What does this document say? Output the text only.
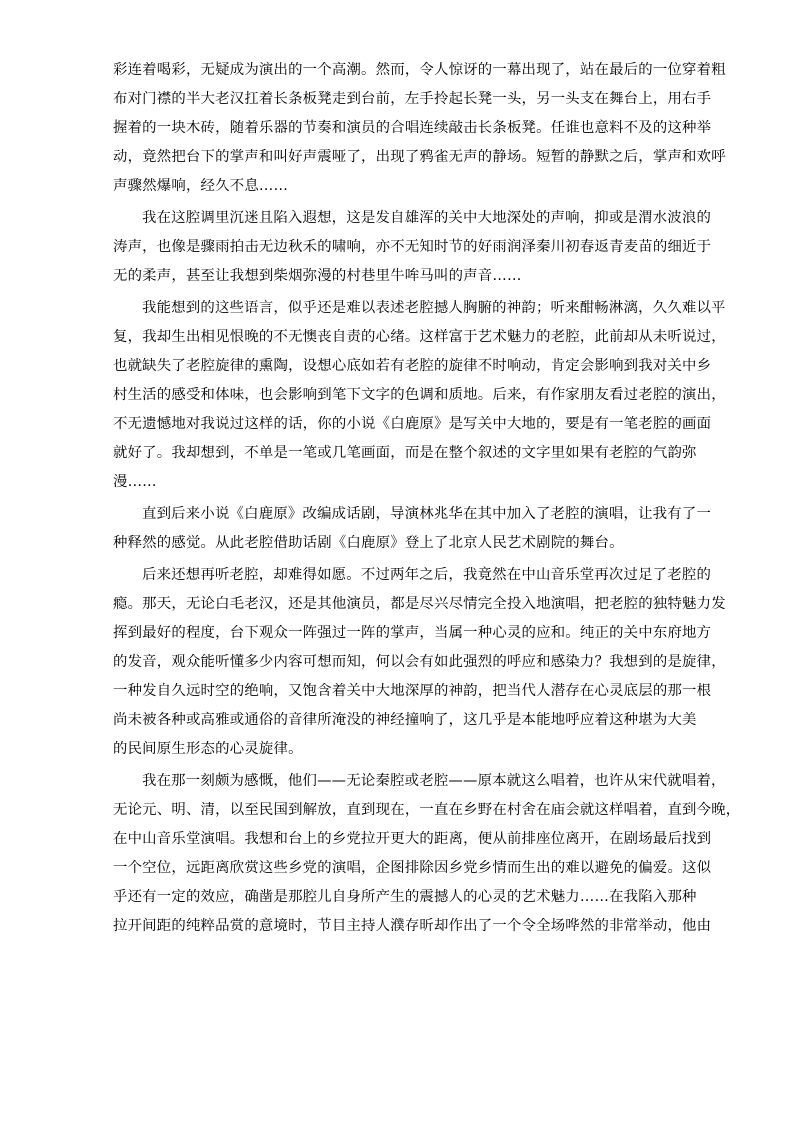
彩连着喝彩，无疑成为演出的一个高潮。然而，令人惊讶的一幕出现了，站在最后的一位穿着粗
布对门襟的半大老汉扛着长条板凳走到台前，左手拎起长凳一头，另一头支在舞台上，用右手
握着的一块木砖，随着乐器的节奏和演员的合唱连续敲击长条板凳。任谁也意料不及的这种举
动，竟然把台下的掌声和叫好声震哑了，出现了鸦雀无声的静场。短暂的静默之后，掌声和欢呼
声骤然爆响，经久不息……
我在这腔调里沉迷且陷入遐想，这是发自雄浑的关中大地深处的声响，抑或是渭水波浪的
涛声，也像是骤雨拍击无边秋禾的啸响，亦不无知时节的好雨润泽秦川初春返青麦苗的细近于
无的柔声，甚至让我想到柴烟弥漫的村巷里牛哞马叫的声音……
我能想到的这些语言，似乎还是难以表述老腔撼人胸腑的神韵；听来酣畅淋漓，久久难以平
复，我却生出相见恨晚的不无懊丧自责的心绪。这样富于艺术魅力的老腔，此前却从未听说过，
也就缺失了老腔旋律的熏陶，设想心底如若有老腔的旋律不时响动，肯定会影响到我对关中乡
村生活的感受和体味，也会影响到笔下文字的色调和质地。后来，有作家朋友看过老腔的演出，
不无遗憾地对我说过这样的话，你的小说《白鹿原》是写关中大地的，要是有一笔老腔的画面
就好了。我却想到，不单是一笔或几笔画面，而是在整个叙述的文字里如果有老腔的气韵弥
漫……
直到后来小说《白鹿原》改编成话剧，导演林兆华在其中加入了老腔的演唱，让我有了一
种释然的感觉。从此老腔借助话剧《白鹿原》登上了北京人民艺术剧院的舞台。
后来还想再听老腔，却难得如愿。不过两年之后，我竟然在中山音乐堂再次过足了老腔的
瘾。那天，无论白毛老汉，还是其他演员，都是尽兴尽情完全投入地演唱，把老腔的独特魅力发
挥到最好的程度，台下观众一阵强过一阵的掌声，当属一种心灵的应和。纯正的关中东府地方
的发音，观众能听懂多少内容可想而知，何以会有如此强烈的呼应和感染力？我想到的是旋律，
一种发自久远时空的绝响，又饱含着关中大地深厚的神韵，把当代人潜存在心灵底层的那一根
尚未被各种或高雅或通俗的音律所淹没的神经撞响了，这几乎是本能地呼应着这种堪为大美
的民间原生形态的心灵旋律。
我在那一刻颇为感慨，他们——无论秦腔或老腔——原本就这么唱着，也许从宋代就唱着，
无论元、明、清，以至民国到解放，直到现在，一直在乡野在村舍在庙会就这样唱着，直到今晚，
在中山音乐堂演唱。我想和台上的乡党拉开更大的距离，便从前排座位离开，在剧场最后找到
一个空位，远距离欣赏这些乡党的演唱，企图排除因乡党乡情而生出的难以避免的偏爱。这似
乎还有一定的效应，确凿是那腔儿自身所产生的震撼人的心灵的艺术魅力……在我陷入那种
拉开间距的纯粹品赏的意境时，节目主持人濮存昕却作出了一个令全场哗然的非常举动，他由
